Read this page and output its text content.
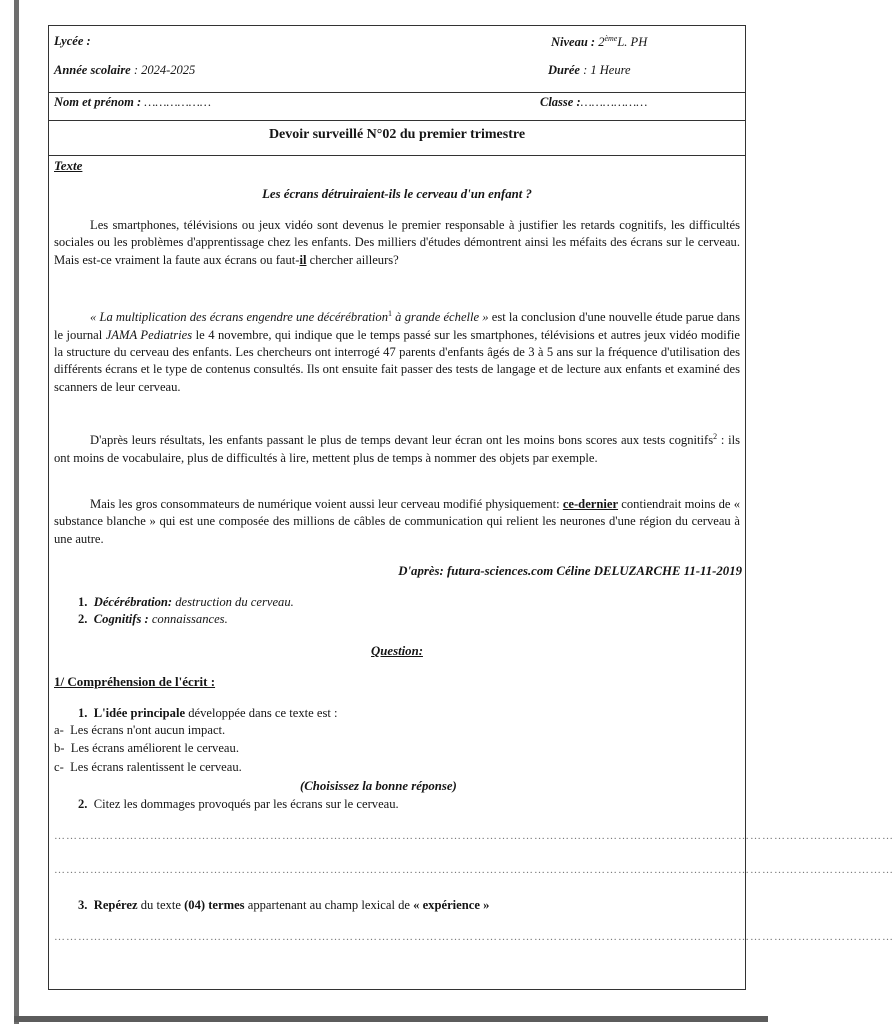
Lycée :	Niveau : 2èmeL. PH
Année scolaire : 2024-2025	Durée : 1 Heure
Nom et prénom : ………………	Classe :………………
Devoir surveillé N°02 du premier trimestre
Texte
Les écrans détruiraient-ils le cerveau d'un enfant ?
Les smartphones, télévisions ou jeux vidéo sont devenus le premier responsable à justifier les retards cognitifs, les difficultés sociales ou les problèmes d'apprentissage chez les enfants. Des milliers d'études démontrent ainsi les méfaits des écrans sur le cerveau. Mais est-ce vraiment la faute aux écrans ou faut-il chercher ailleurs?
« La multiplication des écrans engendre une décérébration$^1$ à grande échelle » est la conclusion d'une nouvelle étude parue dans le journal JAMA Pediatries le 4 novembre, qui indique que le temps passé sur les smartphones, télévisions et autres jeux vidéo modifie la structure du cerveau des enfants. Les chercheurs ont interrogé 47 parents d'enfants âgés de 3 à 5 ans sur la fréquence d'utilisation des différents écrans et le type de contenus consultés. Ils ont ensuite fait passer des tests de langage et de lecture aux enfants et examiné des scanners de leur cerveau.
D'après leurs résultats, les enfants passant le plus de temps devant leur écran ont les moins bons scores aux tests cognitifs$^2$ : ils ont moins de vocabulaire, plus de difficultés à lire, mettent plus de temps à nommer des objets par exemple.
Mais les gros consommateurs de numérique voient aussi leur cerveau modifié physiquement: ce-dernier contiendrait moins de « substance blanche » qui est une composée des millions de câbles de communication qui relient les neurones d'une région du cerveau à une autre.
D'après: futura-sciences.com Céline DELUZARCHE 11-11-2019
1. Décérébration: destruction du cerveau.
2. Cognitifs : connaissances.
Question:
1/ Compréhension de l'écrit :
1. L'idée principale développée dans ce texte est :
a- Les écrans n'ont aucun impact.
b- Les écrans améliorent le cerveau.
c- Les écrans ralentissent le cerveau.
(Choisissez la bonne réponse)
2. Citez les dommages provoqués par les écrans sur le cerveau.
…………………………………………………………………………………………………………………………………………………………………………………………
…………………………………………………………………………………………………………………………………………………………………………………………
3. Repérez du texte (04) termes appartenant au champ lexical de « expérience »
…………………………………………………………………………………………………………………………………………………………………………………………
